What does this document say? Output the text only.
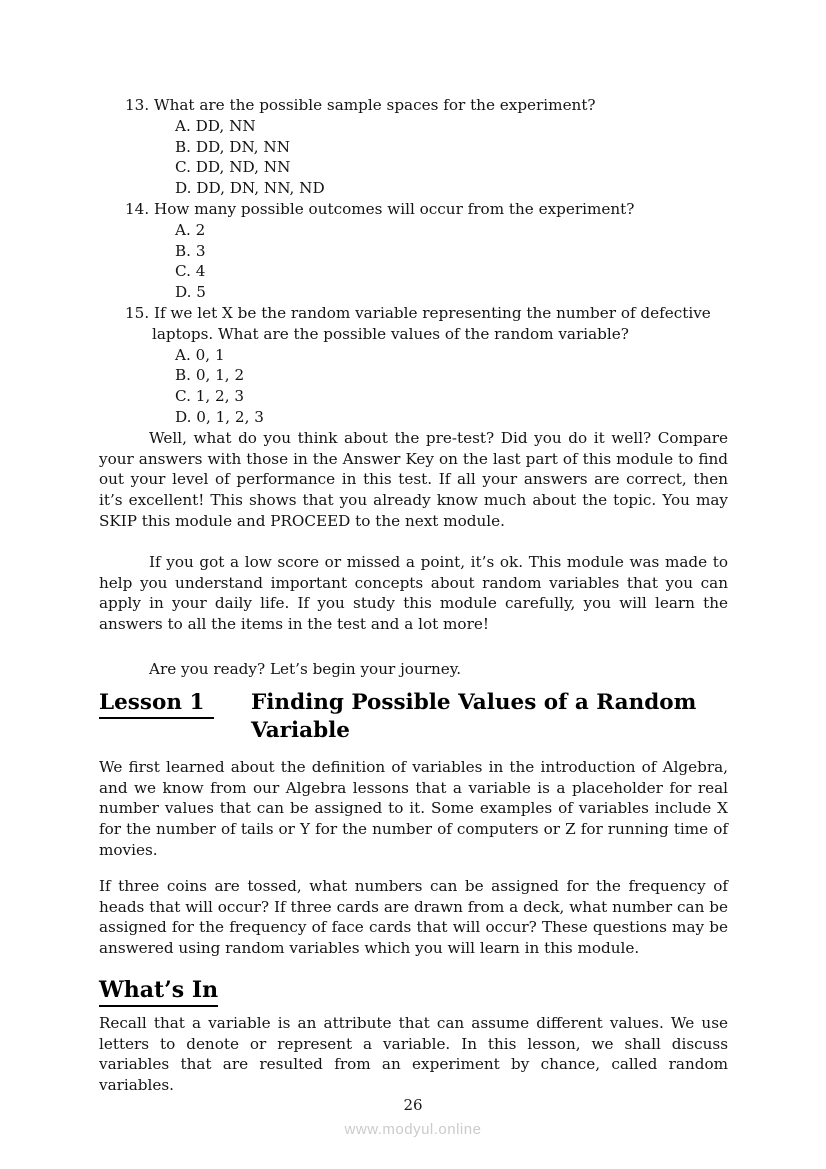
13. What are the possible sample spaces for the experiment?
A. DD, NN
B. DD, DN, NN
C. DD, ND, NN
D. DD, DN, NN, ND
14. How many possible outcomes will occur from the experiment?
A. 2
B. 3
C. 4
D. 5
15. If we let X be the random variable representing the number of defective laptops. What are the possible values of the random variable?
A. 0, 1
B. 0, 1, 2
C. 1, 2, 3
D. 0, 1, 2, 3

Well, what do you think about the pre-test? Did you do it well? Compare your answers with those in the Answer Key on the last part of this module to find out your level of performance in this test. If all your answers are correct, then it’s excellent! This shows that you already know much about the topic. You may SKIP this module and PROCEED to the next module.

If you got a low score or missed a point, it’s ok. This module was made to help you understand important concepts about random variables that you can apply in your daily life. If you study this module carefully, you will learn the answers to all the items in the test and a lot more!

Are you ready? Let’s begin your journey.

Lesson 1	Finding Possible Values of a Random Variable

We first learned about the definition of variables in the introduction of Algebra, and we know from our Algebra lessons that a variable is a placeholder for real number values that can be assigned to it. Some examples of variables include X for the number of tails or Y for the number of computers or Z for running time of movies.

If three coins are tossed, what numbers can be assigned for the frequency of heads that will occur? If three cards are drawn from a deck, what number can be assigned for the frequency of face cards that will occur? These questions may be answered using random variables which you will learn in this module.

What’s In

Recall that a variable is an attribute that can assume different values. We use letters to denote or represent a variable. In this lesson, we shall discuss variables that are resulted from an experiment by chance, called random variables.

26
www.modyul.online
